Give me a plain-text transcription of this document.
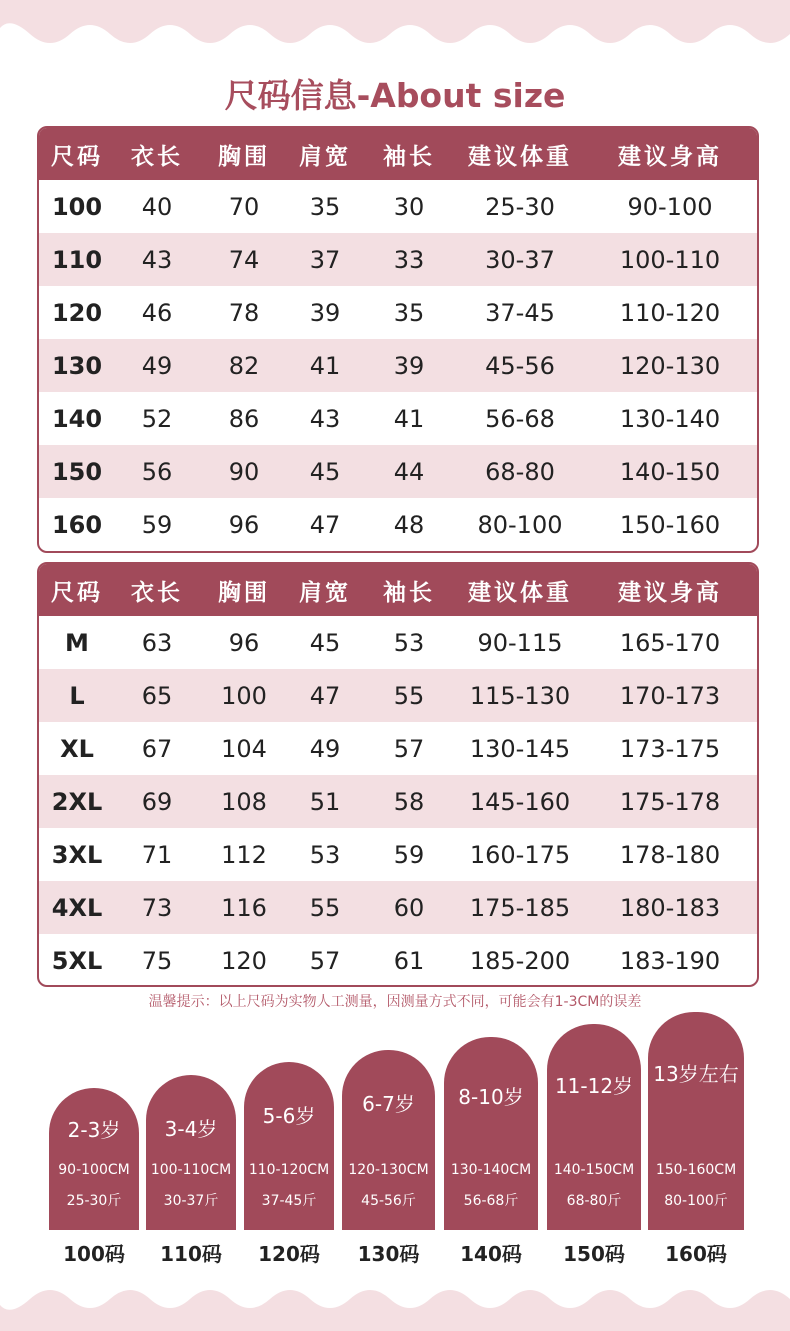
尺码信息-About size
尺码	衣长	胸围	肩宽	袖长	建议体重	建议身高
100	40	70	35	30	25-30	90-100
110	43	74	37	33	30-37	100-110
120	46	78	39	35	37-45	110-120
130	49	82	41	39	45-56	120-130
140	52	86	43	41	56-68	130-140
150	56	90	45	44	68-80	140-150
160	59	96	47	48	80-100	150-160
尺码	衣长	胸围	肩宽	袖长	建议体重	建议身高
M	63	96	45	53	90-115	165-170
L	65	100	47	55	115-130	170-173
XL	67	104	49	57	130-145	173-175
2XL	69	108	51	58	145-160	175-178
3XL	71	112	53	59	160-175	178-180
4XL	73	116	55	60	175-185	180-183
5XL	75	120	57	61	185-200	183-190
温馨提示：以上尺码为实物人工测量，因测量方式不同，可能会有1-3CM的误差
2-3岁
90-100CM
25-30斤
3-4岁
100-110CM
30-37斤
5-6岁
110-120CM
37-45斤
6-7岁
120-130CM
45-56斤
8-10岁
130-140CM
56-68斤
11-12岁
140-150CM
68-80斤
13岁左右
150-160CM
80-100斤
100码	110码	120码	130码	140码	150码	160码
